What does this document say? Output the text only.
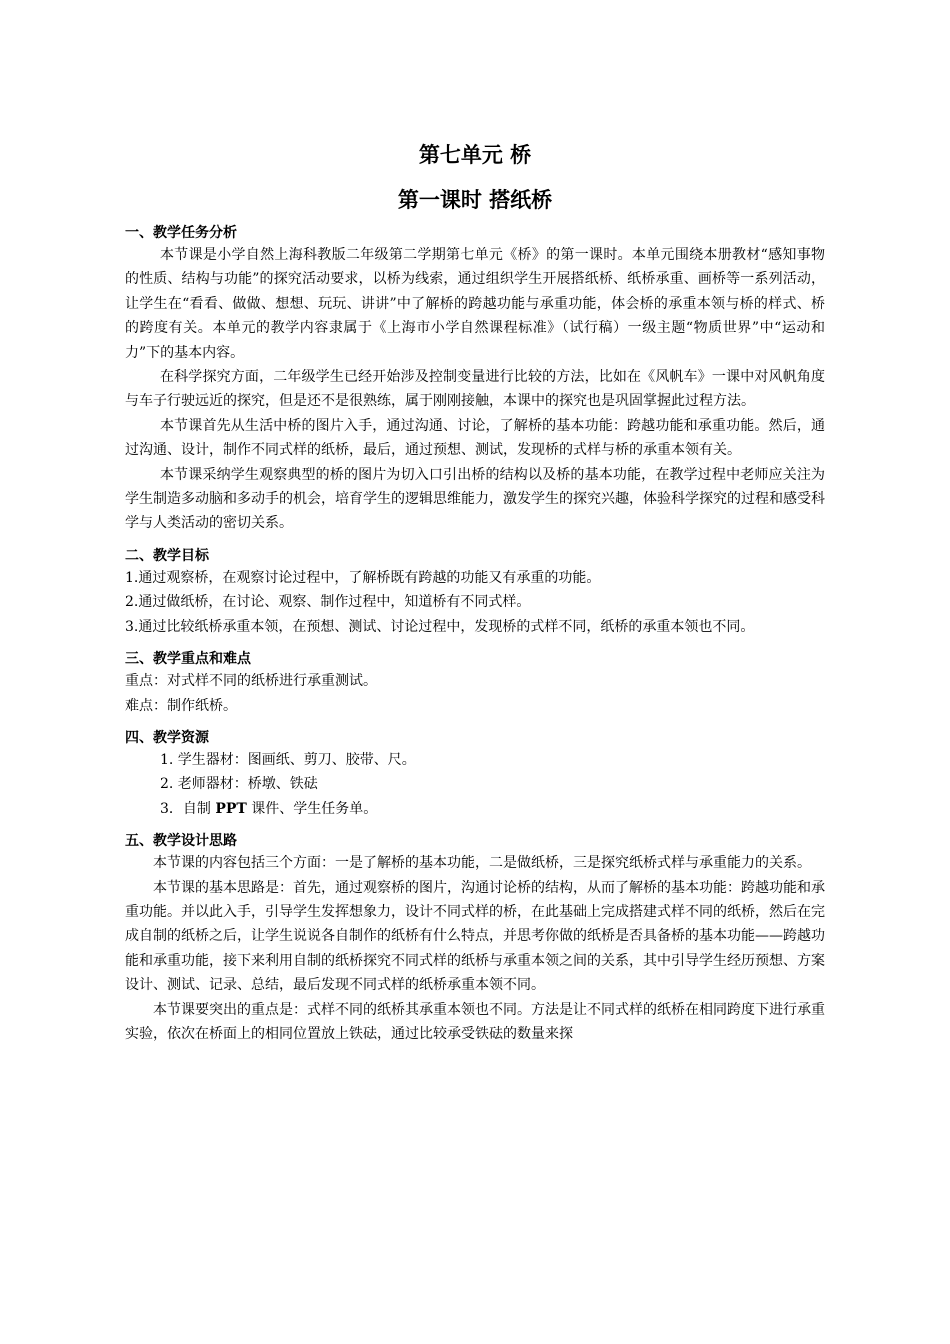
第七单元 桥
第一课时 搭纸桥
一、教学任务分析

本节课是小学自然上海科教版二年级第二学期第七单元《桥》的第一课时。本单元围绕本册教材“感知事物的性质、结构与功能”的探究活动要求，以桥为线索，通过组织学生开展搭纸桥、纸桥承重、画桥等一系列活动，让学生在“看看、做做、想想、玩玩、讲讲”中了解桥的跨越功能与承重功能，体会桥的承重本领与桥的样式、桥的跨度有关。本单元的教学内容隶属于《上海市小学自然课程标准》（试行稿）一级主题“物质世界”中“运动和力”下的基本内容。

在科学探究方面，二年级学生已经开始涉及控制变量进行比较的方法，比如在《风帆车》一课中对风帆角度与车子行驶远近的探究，但是还不是很熟练，属于刚刚接触，本课中的探究也是巩固掌握此过程方法。

本节课首先从生活中桥的图片入手，通过沟通、讨论，了解桥的基本功能：跨越功能和承重功能。然后，通过沟通、设计，制作不同式样的纸桥，最后，通过预想、测试，发现桥的式样与桥的承重本领有关。

本节课采纳学生观察典型的桥的图片为切入口引出桥的结构以及桥的基本功能，在教学过程中老师应关注为学生制造多动脑和多动手的机会，培育学生的逻辑思维能力，激发学生的探究兴趣，体验科学探究的过程和感受科学与人类活动的密切关系。

二、教学目标

1.通过观察桥，在观察讨论过程中，了解桥既有跨越的功能又有承重的功能。

2.通过做纸桥，在讨论、观察、制作过程中，知道桥有不同式样。

3.通过比较纸桥承重本领，在预想、测试、讨论过程中，发现桥的式样不同，纸桥的承重本领也不同。

三、教学重点和难点
重点：对式样不同的纸桥进行承重测试。
难点：制作纸桥。
四、教学资源
1. 学生器材：图画纸、剪刀、胶带、尺。
2. 老师器材：桥墩、铁砝
3．自制 PPT 课件、学生任务单。
五、教学设计思路

本节课的内容包括三个方面：一是了解桥的基本功能，二是做纸桥，三是探究纸桥式样与承重能力的关系。

本节课的基本思路是：首先，通过观察桥的图片，沟通讨论桥的结构，从而了解桥的基本功能：跨越功能和承重功能。并以此入手，引导学生发挥想象力，设计不同式样的桥，在此基础上完成搭建式样不同的纸桥，然后在完成自制的纸桥之后，让学生说说各自制作的纸桥有什么特点，并思考你做的纸桥是否具备桥的基本功能——跨越功能和承重功能，接下来利用自制的纸桥探究不同式样的纸桥与承重本领之间的关系，其中引导学生经历预想、方案设计、测试、记录、总结，最后发现不同式样的纸桥承重本领不同。

本节课要突出的重点是：式样不同的纸桥其承重本领也不同。方法是让不同式样的纸桥在相同跨度下进行承重实验，依次在桥面上的相同位置放上铁砝，通过比较承受铁砝的数量来探
